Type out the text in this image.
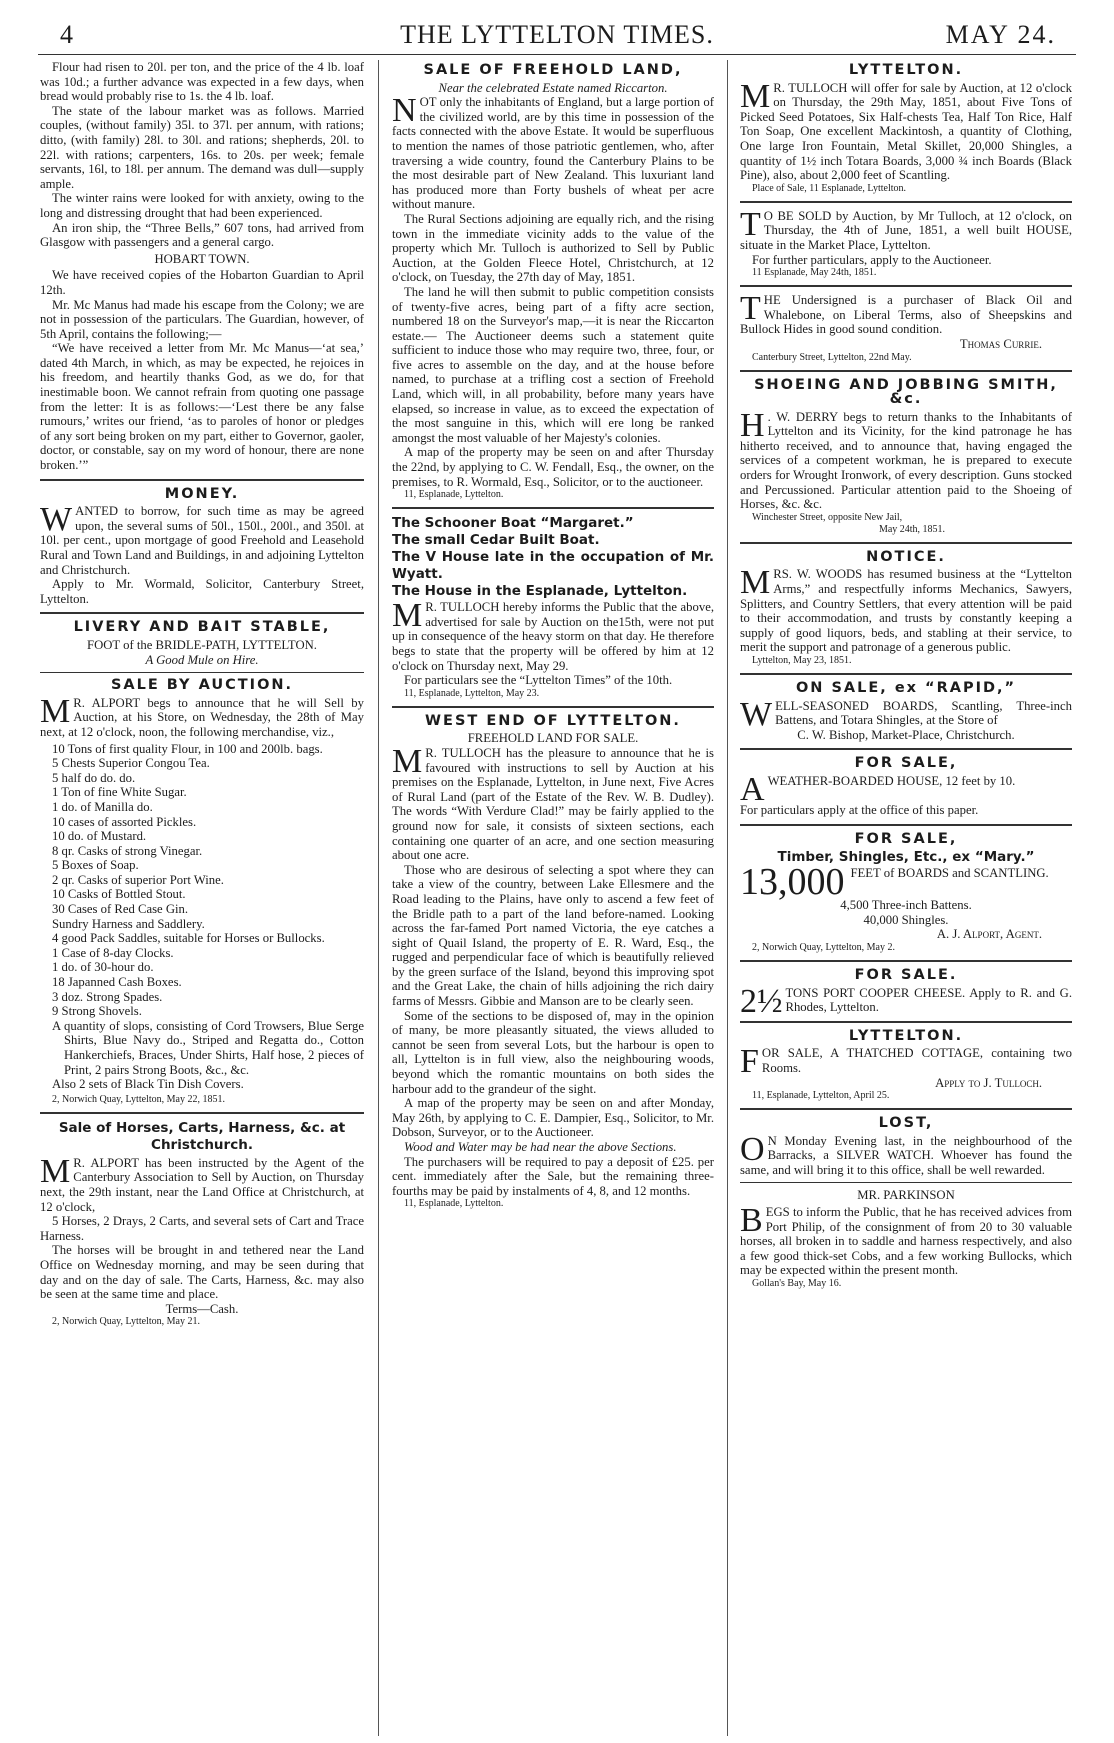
4	THE LYTTELTON TIMES.	MAY 24.

Flour had risen to 20l. per ton, and the price of the 4 lb. loaf was 10d.; a further advance was expected in a few days, when bread would probably rise to 1s. the 4 lb. loaf.

The state of the labour market was as follows. Married couples, (without family) 35l. to 37l. per annum, with rations; ditto, (with family) 28l. to 30l. and rations; shepherds, 20l. to 22l. with rations; carpenters, 16s. to 20s. per week; female servants, 16l, to 18l. per annum. The demand was dull—supply ample.

The winter rains were looked for with anxiety, owing to the long and distressing drought that had been experienced.

An iron ship, the “Three Bells,” 607 tons, had arrived from Glasgow with passengers and a general cargo.

HOBART TOWN.

We have received copies of the Hobarton Guardian to April 12th.

Mr. Mc Manus had made his escape from the Colony; we are not in possession of the particulars. The Guardian, however, of 5th April, contains the following;—

“We have received a letter from Mr. Mc Manus—‘at sea,’ dated 4th March, in which, as may be expected, he rejoices in his freedom, and heartily thanks God, as we do, for that inestimable boon. We cannot refrain from quoting one passage from the letter: It is as follows:—‘Lest there be any false rumours,’ writes our friend, ‘as to paroles of honor or pledges of any sort being broken on my part, either to Governor, gaoler, doctor, or constable, say on my word of honour, there are none broken.’”

MONEY.

WANTED to borrow, for such time as may be agreed upon, the several sums of 50l., 150l., 200l., and 350l. at 10l. per cent., upon mortgage of good Freehold and Leasehold Rural and Town Land and Buildings, in and adjoining Lyttelton and Christchurch.

Apply to Mr. Wormald, Solicitor, Canterbury Street, Lyttelton.

LIVERY AND BAIT STABLE,
FOOT of the BRIDLE-PATH, LYTTELTON.
A Good Mule on Hire.
SALE BY AUCTION.

M R. ALPORT begs to announce that he will Sell by Auction, at his Store, on Wednesday, the 28th of May next, at 12 o'clock, noon, the following merchandise, viz.,

10 Tons of first quality Flour, in 100 and 200lb. bags.
5 Chests Superior Congou Tea.
5 half do do. do.
1 Ton of fine White Sugar.
1 do. of Manilla do.
10 cases of assorted Pickles.
10 do. of Mustard.
8 qr. Casks of strong Vinegar.
5 Boxes of Soap.
2 qr. Casks of superior Port Wine.
10 Casks of Bottled Stout.
30 Cases of Red Case Gin.
Sundry Harness and Saddlery.
4 good Pack Saddles, suitable for Horses or Bullocks.
1 Case of 8-day Clocks.
1 do. of 30-hour do.
18 Japanned Cash Boxes.
3 doz. Strong Spades.
9 Strong Shovels.
A quantity of slops, consisting of Cord Trowsers, Blue Serge Shirts, Blue Navy do., Striped and Regatta do., Cotton Hankerchiefs, Braces, Under Shirts, Half hose, 2 pieces of Print, 2 pairs Strong Boots, &c., &c.
Also 2 sets of Black Tin Dish Covers.
2, Norwich Quay, Lyttelton, May 22, 1851.
Sale of Horses, Carts, Harness, &c. at Christchurch.

M R. ALPORT has been instructed by the Agent of the Canterbury Association to Sell by Auction, on Thursday next, the 29th instant, near the Land Office at Christchurch, at 12 o'clock,

5 Horses, 2 Drays, 2 Carts, and several sets of Cart and Trace Harness.

The horses will be brought in and tethered near the Land Office on Wednesday morning, and may be seen during that day and on the day of sale. The Carts, Harness, &c. may also be seen at the same time and place.

Terms—Cash.
2, Norwich Quay, Lyttelton, May 21.
SALE OF FREEHOLD LAND,
Near the celebrated Estate named Riccarton.

NOT only the inhabitants of England, but a large portion of the civilized world, are by this time in possession of the facts connected with the above Estate. It would be superfluous to mention the names of those patriotic gentlemen, who, after traversing a wide country, found the Canterbury Plains to be the most desirable part of New Zealand. This luxuriant land has produced more than Forty bushels of wheat per acre without manure.

The Rural Sections adjoining are equally rich, and the rising town in the immediate vicinity adds to the value of the property which Mr. Tulloch is authorized to Sell by Public Auction, at the Golden Fleece Hotel, Christchurch, at 12 o'clock, on Tuesday, the 27th day of May, 1851.

The land he will then submit to public competition consists of twenty-five acres, being part of a fifty acre section, numbered 18 on the Surveyor's map,—it is near the Riccarton estate.— The Auctioneer deems such a statement quite sufficient to induce those who may require two, three, four, or five acres to assemble on the day, and at the house before named, to purchase at a trifling cost a section of Freehold Land, which will, in all probability, before many years have elapsed, so increase in value, as to exceed the expectation of the most sanguine in this, which will ere long be ranked amongst the most valuable of her Majesty's colonies.

A map of the property may be seen on and after Thursday the 22nd, by applying to C. W. Fendall, Esq., the owner, on the premises, to R. Wormald, Esq., Solicitor, or to the auctioneer.

11, Esplanade, Lyttelton.
The Schooner Boat “Margaret.”
The small Cedar Built Boat.
The V House late in the occupation of Mr. Wyatt.
The House in the Esplanade, Lyttelton.

M R. TULLOCH hereby informs the Public that the above, advertised for sale by Auction on the15th, were not put up in consequence of the heavy storm on that day. He therefore begs to state that the property will be offered by him at 12 o'clock on Thursday next, May 29.

For particulars see the “Lyttelton Times” of the 10th.

11, Esplanade, Lyttelton, May 23.
WEST END OF LYTTELTON.
FREEHOLD LAND FOR SALE.

M R. TULLOCH has the pleasure to announce that he is favoured with instructions to sell by Auction at his premises on the Esplanade, Lyttelton, in June next, Five Acres of Rural Land (part of the Estate of the Rev. W. B. Dudley). The words “With Verdure Clad!” may be fairly applied to the ground now for sale, it consists of sixteen sections, each containing one quarter of an acre, and one section measuring about one acre.

Those who are desirous of selecting a spot where they can take a view of the country, between Lake Ellesmere and the Road leading to the Plains, have only to ascend a few feet of the Bridle path to a part of the land before-named. Looking across the far-famed Port named Victoria, the eye catches a sight of Quail Island, the property of E. R. Ward, Esq., the rugged and perpendicular face of which is beautifully relieved by the green surface of the Island, beyond this improving spot and the Great Lake, the chain of hills adjoining the rich dairy farms of Messrs. Gibbie and Manson are to be clearly seen.

Some of the sections to be disposed of, may in the opinion of many, be more pleasantly situated, the views alluded to cannot be seen from several Lots, but the harbour is open to all, Lyttelton is in full view, also the neighbouring woods, beyond which the romantic mountains on both sides the harbour add to the grandeur of the sight.

A map of the property may be seen on and after Monday, May 26th, by applying to C. E. Dampier, Esq., Solicitor, to Mr. Dobson, Surveyor, or to the Auctioneer.

Wood and Water may be had near the above Sections.

The purchasers will be required to pay a deposit of £25. per cent. immediately after the Sale, but the remaining three-fourths may be paid by instalments of 4, 8, and 12 months.

11, Esplanade, Lyttelton.
LYTTELTON.

M R. TULLOCH will offer for sale by Auction, at 12 o'clock on Thursday, the 29th May, 1851, about Five Tons of Picked Seed Potatoes, Six Half-chests Tea, Half Ton Rice, Half Ton Soap, One excellent Mackintosh, a quantity of Clothing, One large Iron Fountain, Metal Skillet, 20,000 Shingles, a quantity of 1½ inch Totara Boards, 3,000 ¾ inch Boards (Black Pine), also, about 2,000 feet of Scantling.

Place of Sale, 11 Esplanade, Lyttelton.

T O BE SOLD by Auction, by Mr Tulloch, at 12 o'clock, on Thursday, the 4th of June, 1851, a well built HOUSE, situate in the Market Place, Lyttelton.

For further particulars, apply to the Auctioneer.

11 Esplanade, May 24th, 1851.

THE Undersigned is a purchaser of Black Oil and Whalebone, on Liberal Terms, also of Sheepskins and Bullock Hides in good sound condition.

Thomas Currie.
Canterbury Street, Lyttelton, 22nd May.
SHOEING AND JOBBING SMITH, &c.

H . W. DERRY begs to return thanks to the Inhabitants of Lyttelton and its Vicinity, for the kind patronage he has hitherto received, and to announce that, having engaged the services of a competent workman, he is prepared to execute orders for Wrought Ironwork, of every description. Guns stocked and Percussioned. Particular attention paid to the Shoeing of Horses, &c. &c.

Winchester Street, opposite New Jail,
May 24th, 1851.
NOTICE.

MRS. W. WOODS has resumed business at the “Lyttelton Arms,” and respectfully informs Mechanics, Sawyers, Splitters, and Country Settlers, that every attention will be paid to their accommodation, and trusts by constantly keeping a supply of good liquors, beds, and stabling at their service, to merit the support and patronage of a generous public.

Lyttelton, May 23, 1851.
ON SALE, ex “RAPID,”

WELL-SEASONED BOARDS, Scantling, Three-inch Battens, and Totara Shingles, at the Store of

C. W. Bishop, Market-Place, Christchurch.
FOR SALE,

AWEATHER-BOARDED HOUSE, 12 feet by 10.

For particulars apply at the office of this paper.

FOR SALE,
Timber, Shingles, Etc., ex “Mary.”

13,000 FEET of BOARDS and SCANTLING.

4,500 Three-inch Battens.
40,000 Shingles.
A. J. Alport, Agent.
2, Norwich Quay, Lyttelton, May 2.
FOR SALE.

2½ TONS PORT COOPER CHEESE. Apply to R. and G. Rhodes, Lyttelton.

LYTTELTON.

FOR SALE, A THATCHED COTTAGE, containing two Rooms.

Apply to J. Tulloch.
11, Esplanade, Lyttelton, April 25.
LOST,

O N Monday Evening last, in the neighbourhood of the Barracks, a SILVER WATCH. Whoever has found the same, and will bring it to this office, shall be well rewarded.

MR. PARKINSON

BEGS to inform the Public, that he has received advices from Port Philip, of the consignment of from 20 to 30 valuable horses, all broken in to saddle and harness respectively, and also a few good thick-set Cobs, and a few working Bullocks, which may be expected within the present month.

Gollan's Bay, May 16.
